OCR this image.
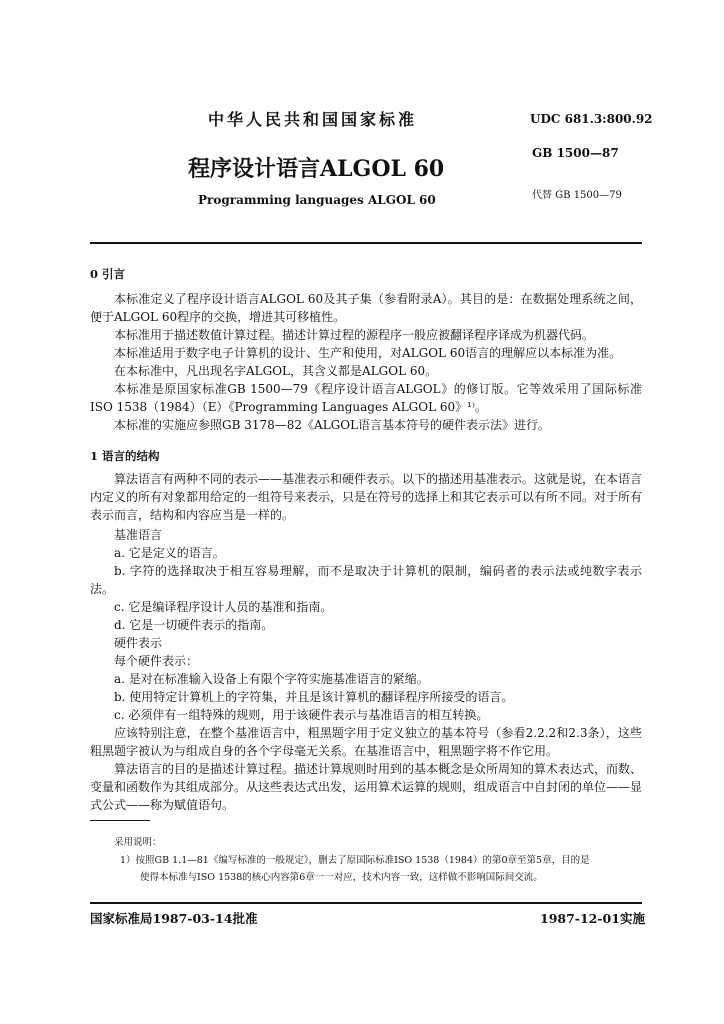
中华人民共和国国家标准	UDC 681.3:800.92
程序设计语言ALGOL 60
GB 1500—87
代替 GB 1500—79
Programming languages ALGOL 60
0 引言
本标准定义了程序设计语言ALGOL 60及其子集（参看附录A）。其目的是：在数据处理系统之间，便于ALGOL 60程序的交换，增进其可移植性。
本标准用于描述数值计算过程。描述计算过程的源程序一般应被翻译程序译成为机器代码。
本标准适用于数字电子计算机的设计、生产和使用，对ALGOL 60语言的理解应以本标准为准。
在本标准中，凡出现名字ALGOL，其含义都是ALGOL 60。
本标准是原国家标准GB 1500—79《程序设计语言ALGOL》的修订版。它等效采用了国际标准ISO 1538（1984）（E）《Programming Languages ALGOL 60》¹⁾。
本标准的实施应参照GB 3178—82《ALGOL语言基本符号的硬件表示法》进行。
1 语言的结构
算法语言有两种不同的表示——基准表示和硬件表示。以下的描述用基准表示。这就是说，在本语言内定义的所有对象都用给定的一组符号来表示，只是在符号的选择上和其它表示可以有所不同。对于所有表示而言，结构和内容应当是一样的。
基准语言
a. 它是定义的语言。
b. 字符的选择取决于相互容易理解，而不是取决于计算机的限制，编码者的表示法或纯数字表示法。
c. 它是编译程序设计人员的基准和指南。
d. 它是一切硬件表示的指南。
硬件表示
每个硬件表示：
a. 是对在标准输入设备上有限个字符实施基准语言的紧缩。
b. 使用特定计算机上的字符集，并且是该计算机的翻译程序所接受的语言。
c. 必须伴有一组特殊的规则，用于该硬件表示与基准语言的相互转换。
应该特别注意，在整个基准语言中，粗黑题字用于定义独立的基本符号（参看2.2.2和2.3条），这些粗黑题字被认为与组成自身的各个字母毫无关系。在基准语言中，粗黑题字将不作它用。
算法语言的目的是描述计算过程。描述计算规则时用到的基本概念是众所周知的算术表达式，而数、变量和函数作为其组成部分。从这些表达式出发，运用算术运算的规则，组成语言中自封闭的单位——显式公式——称为赋值语句。
采用说明：
1）按照GB 1.1—81《编写标准的一般规定》，删去了原国际标准ISO 1538（1984）的第0章至第5章，目的是
使得本标准与ISO 1538的核心内容第6章一一对应，技术内容一致，这样做不影响国际间交流。
国家标准局1987-03-14批准	1987-12-01实施
